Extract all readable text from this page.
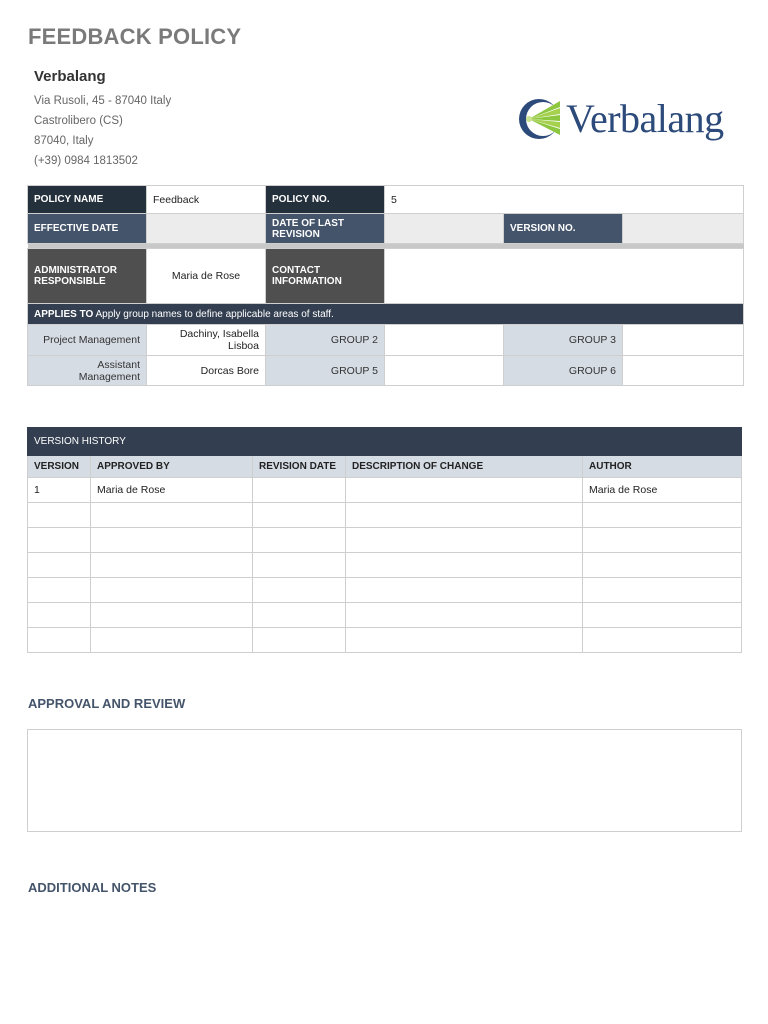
FEEDBACK POLICY
Verbalang
Via Rusoli, 45 - 87040 Italy
Castrolibero (CS)
87040, Italy
(+39) 0984 1813502
Verbalang
POLICY NAME	Feedback	POLICY NO.	5		
EFFECTIVE DATE		DATE OF LAST REVISION		VERSION NO.	

ADMINISTRATOR RESPONSIBLE	Maria de Rose	CONTACT INFORMATION			
APPLIES TO Apply group names to define applicable areas of staff.					
Project Management	Dachiny, Isabella Lisboa	GROUP 2		GROUP 3	
Assistant Management	Dorcas Bore	GROUP 5		GROUP 6	
VERSION HISTORY				
VERSION	APPROVED BY	REVISION DATE	DESCRIPTION OF CHANGE	AUTHOR
1	Maria de Rose			Maria de Rose

APPROVAL AND REVIEW
ADDITIONAL NOTES
